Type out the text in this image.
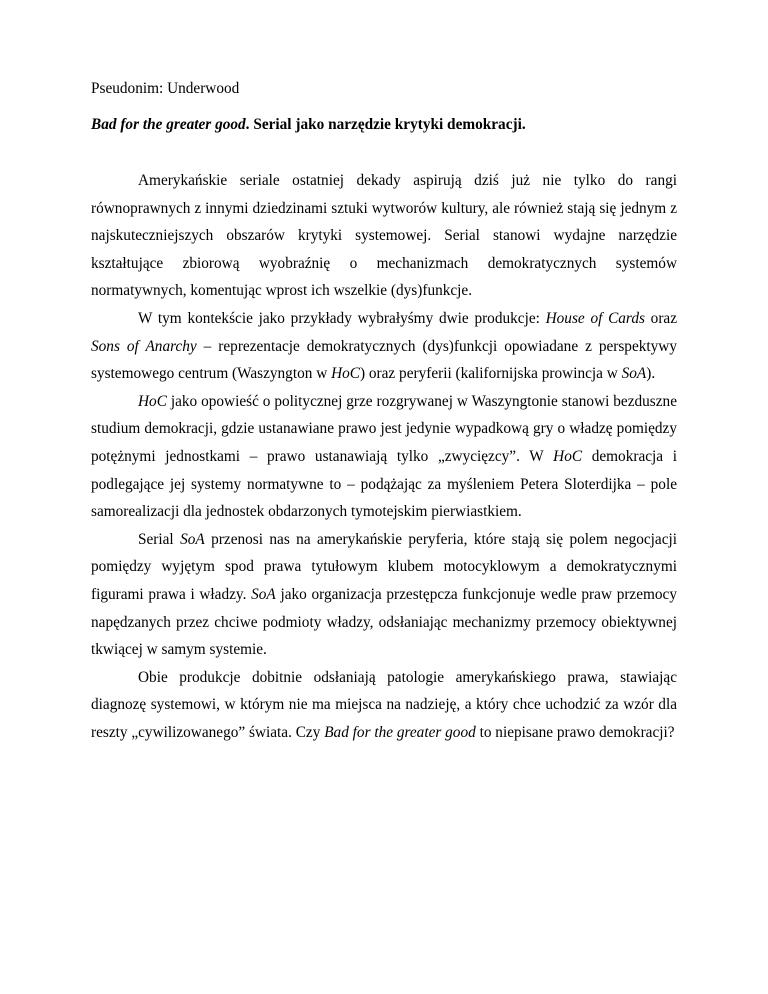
Pseudonim: Underwood

Bad for the greater good. Serial jako narzędzie krytyki demokracji.

Amerykańskie seriale ostatniej dekady aspirują dziś już nie tylko do rangi równoprawnych z innymi dziedzinami sztuki wytworów kultury, ale również stają się jednym z najskuteczniejszych obszarów krytyki systemowej. Serial stanowi wydajne narzędzie kształtujące zbiorową wyobraźnię o mechanizmach demokratycznych systemów normatywnych, komentując wprost ich wszelkie (dys)funkcje.

W tym kontekście jako przykłady wybrałyśmy dwie produkcje: House of Cards oraz Sons of Anarchy – reprezentacje demokratycznych (dys)funkcji opowiadane z perspektywy systemowego centrum (Waszyngton w HoC) oraz peryferii (kalifornijska prowincja w SoA).

HoC jako opowieść o politycznej grze rozgrywanej w Waszyngtonie stanowi bezduszne studium demokracji, gdzie ustanawiane prawo jest jedynie wypadkową gry o władzę pomiędzy potężnymi jednostkami – prawo ustanawiają tylko „zwycięzcy”. W HoC demokracja i podlegające jej systemy normatywne to – podążając za myśleniem Petera Sloterdijka – pole samorealizacji dla jednostek obdarzonych tymotejskim pierwiastkiem.

Serial SoA przenosi nas na amerykańskie peryferia, które stają się polem negocjacji pomiędzy wyjętym spod prawa tytułowym klubem motocyklowym a demokratycznymi figurami prawa i władzy. SoA jako organizacja przestępcza funkcjonuje wedle praw przemocy napędzanych przez chciwe podmioty władzy, odsłaniając mechanizmy przemocy obiektywnej tkwiącej w samym systemie.

Obie produkcje dobitnie odsłaniają patologie amerykańskiego prawa, stawiając diagnozę systemowi, w którym nie ma miejsca na nadzieję, a który chce uchodzić za wzór dla reszty „cywilizowanego” świata. Czy Bad for the greater good to niepisane prawo demokracji?
